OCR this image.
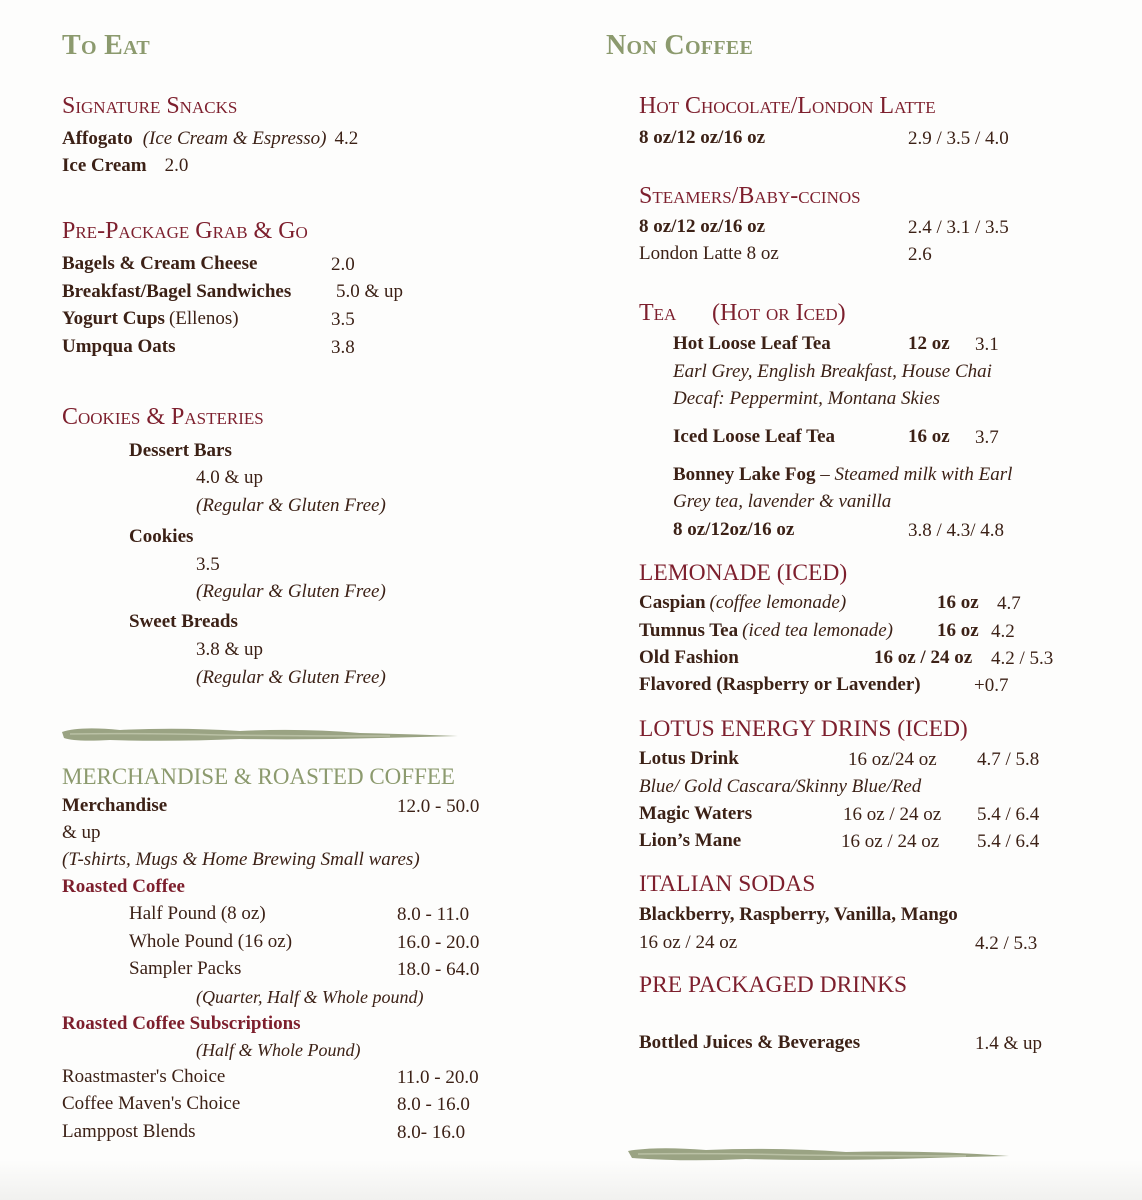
To Eat
Signature Snacks
Affogato (Ice Cream & Espresso) 4.2
Ice Cream 2.0
Pre-Package Grab & Go
Bagels & Cream Cheese	2.0
Breakfast/Bagel Sandwiches 5.0 & up
Yogurt Cups (Ellenos)	3.5
Umpqua Oats	3.8
Cookies & Pasteries
Dessert Bars
4.0 & up
(Regular & Gluten Free)
Cookies
3.5
(Regular & Gluten Free)
Sweet Breads
3.8 & up
(Regular & Gluten Free)
MERCHANDISE & ROASTED COFFEE
Merchandise	12.0 - 50.0
& up
(T-shirts, Mugs & Home Brewing Small wares)
Roasted Coffee
Half Pound (8 oz)	8.0 - 11.0
Whole Pound (16 oz)	16.0 - 20.0
Sampler Packs	18.0 - 64.0
(Quarter, Half & Whole pound)
Roasted Coffee Subscriptions
(Half & Whole Pound)
Roastmaster's Choice	11.0 - 20.0
Coffee Maven's Choice	8.0 - 16.0
Lamppost Blends	8.0- 16.0
Non Coffee
Hot Chocolate/London Latte
8 oz/12 oz/16 oz	2.9 / 3.5 / 4.0
Steamers/Baby-ccinos
8 oz/12 oz/16 oz	2.4 / 3.1 / 3.5
London Latte 8 oz	2.6
Tea (Hot or Iced)
Hot Loose Leaf Tea	12 oz 3.1
Earl Grey, English Breakfast, House Chai
Decaf: Peppermint, Montana Skies
Iced Loose Leaf Tea	16 oz 3.7
Bonney Lake Fog – Steamed milk with Earl
Grey tea, lavender & vanilla
8 oz/12oz/16 oz	3.8 / 4.3/ 4.8
LEMONADE (ICED)
Caspian (coffee lemonade)	16 oz 4.7
Tumnus Tea (iced tea lemonade) 16 oz 4.2
Old Fashion	16 oz / 24 oz 4.2 / 5.3
Flavored (Raspberry or Lavender)	+0.7
LOTUS ENERGY DRINS (ICED)
Lotus Drink	16 oz/24 oz 4.7 / 5.8
Blue/ Gold Cascara/Skinny Blue/Red
Magic Waters	16 oz / 24 oz 5.4 / 6.4
Lion’s Mane	16 oz / 24 oz 5.4 / 6.4
ITALIAN SODAS
Blackberry, Raspberry, Vanilla, Mango
16 oz / 24 oz	4.2 / 5.3
PRE PACKAGED DRINKS
Bottled Juices & Beverages	1.4 & up
